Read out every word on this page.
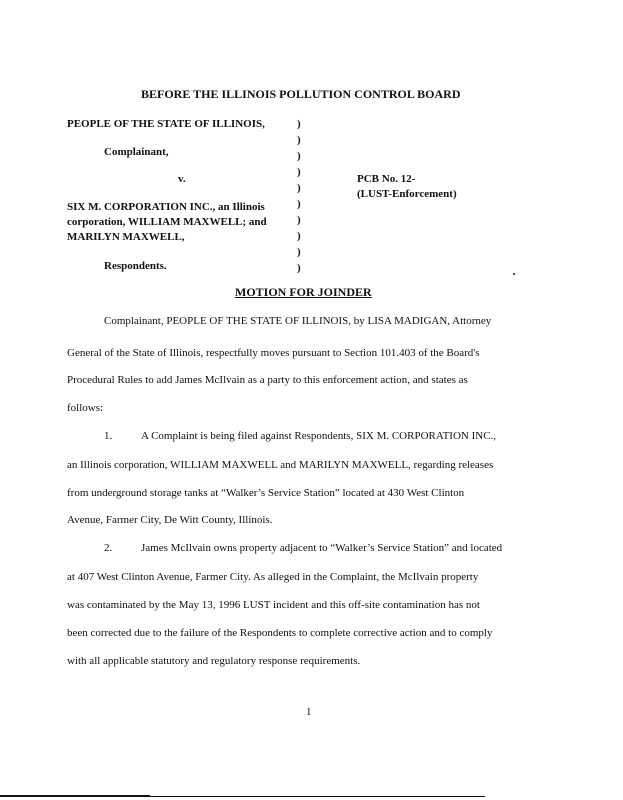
BEFORE THE ILLINOIS POLLUTION CONTROL BOARD
PEOPLE OF THE STATE OF ILLINOIS,
Complainant,
v.
SIX M. CORPORATION INC., an Illinois
corporation, WILLIAM MAXWELL; and
MARILYN MAXWELL,
Respondents.
)
)
)
)
)
)
)
)
)
)
PCB No. 12-
(LUST-Enforcement)
MOTION FOR JOINDER
Complainant, PEOPLE OF THE STATE OF ILLINOIS, by LISA MADIGAN, Attorney
General of the State of Illinois, respectfully moves pursuant to Section 101.403 of the Board's
Procedural Rules to add James McIlvain as a party to this enforcement action, and states as
follows:
1.	A Complaint is being filed against Respondents, SIX M. CORPORATION INC.,
an Illinois corporation, WILLIAM MAXWELL and MARILYN MAXWELL, regarding releases
from underground storage tanks at “Walker’s Service Station” located at 430 West Clinton
Avenue, Farmer City, De Witt County, Illinois.
2.	James McIlvain owns property adjacent to “Walker’s Service Station” and located
at 407 West Clinton Avenue, Farmer City. As alleged in the Complaint, the McIlvain property
was contaminated by the May 13, 1996 LUST incident and this off-site contamination has not
been corrected due to the failure of the Respondents to complete corrective action and to comply
with all applicable statutory and regulatory response requirements.
1
